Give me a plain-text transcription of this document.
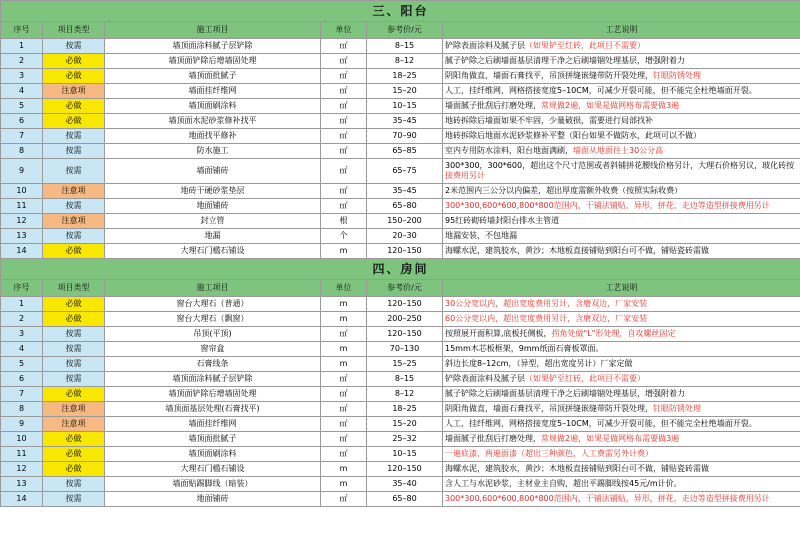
三、阳台					
序号	项目类型	施工项目	单位	参考价/元	工艺说明
1	按需	墙顶面涂料腻子层铲除	㎡	8–15	铲除表面涂料及腻子层（如果铲至红砖，此项目不需要）
2	必做	墙顶面铲除后增墙固处理	㎡	8–12	腻子铲除之后刷墙面基层清理干净之后刷墙锢处理基层，增强附着力
3	必做	墙顶面批腻子	㎡	18–25	阴阳角做直，墙面石膏找平，吊顶拼缝嵌缝带防开裂处理，钉眼防锈处理
4	注意项	墙面挂纤维网	㎡	15–20	人工，挂纤维网，网格搭接宽度5–10CM，可减少开裂可能，但不能完全杜绝墙面开裂。
5	必做	墙顶面刷涂料	㎡	10–15	墙面腻子批刮后打磨处理，常规做2遍，如果是做网格布需要做3遍
6	必做	墙顶面水泥砂浆修补找平	㎡	35–45	地砖拆除后墙面如果不牢固，少量破损，需要进行局部找补
7	按需	地面找平修补	㎡	70–90	地砖拆除后地面水泥砂浆修补平整（阳台如果不做防水，此项可以不做）
8	按需	防水施工	㎡	65–85	室内专用防水涂料，阳台地面满刷，墙面从地面往上30公分高
9	按需	墙面铺砖	㎡	65–75	300*300，300*600，超出这个尺寸范围或者斜铺拼花腰线价格另计，大理石价格另议，玻化砖按接费用另计
10	注意项	地砖干硬砂浆垫层	㎡	35–45	2米范围内三公分以内偏差，超出厚度需额外收费（按照实际收费）
11	按需	地面铺砖	㎡	65–80	300*300,600*600,800*800范围内，干铺法铺贴，异形，拼花，走边等造型拼接费用另计
12	注意项	封立管	根	150–200	95红砖砌砖墙封阳台排水主管道
13	按需	地漏	个	20–30	地漏安装，不包地漏
14	必做	大理石门槛石铺设	m	120–150	海螺水泥，建筑胶水，黄沙；木地板直接铺贴到阳台可不做，铺贴瓷砖需做
四、房间					
序号	项目类型	施工项目	单位	参考价/元	工艺说明
1	必做	窗台大理石（普通）	m	120–150	30公分宽以内，超出宽度费用另计，含磨双边，厂家安装
2	必做	窗台大理石（飘窗）	m	200–250	60公分宽以内，超出宽度费用另计，含磨双边，厂家安装
3	按需	吊顶(平顶)	㎡	120–150	按照展开面积算,底板托侧板，拐角处做"L"形处理，自攻螺丝固定
4	按需	窗帘盒	m	70–130	15mm木芯板框架，9mm纸面石膏板罩面。
5	按需	石膏线条	m	15–25	斜边长度8–12cm，（异型，超出宽度另计）厂家定做
6	按需	墙顶面涂料腻子层铲除	㎡	8–15	铲除表面涂料及腻子层（如果铲至红砖，此项目不需要）
7	必做	墙顶面铲除后增墙固处理	㎡	8–12	腻子铲除之后刷墙面基层清理干净之后刷墙锢处理基层，增强附着力
8	注意项	墙顶面基层处理(石膏找平)	㎡	18–25	阴阳角做直，墙面石膏找平，吊顶拼缝嵌缝带防开裂处理，钉眼防锈处理
9	注意项	墙面挂纤维网	㎡	15–20	人工，挂纤维网，网格搭接宽度5–10CM，可减少开裂可能，但不能完全杜绝墙面开裂。
10	必做	墙顶面批腻子	㎡	25–32	墙面腻子批刮后打磨处理，常规做2遍，如果是做网格布需要做3遍
11	必做	墙顶面刷涂料	㎡	10–15	一遍底漆，两遍面漆（超出三种颜色，人工费需另外计费）
12	必做	大理石门槛石铺设	m	120–150	海螺水泥，建筑胶水，黄沙；木地板直接铺贴到阳台可不做，铺贴瓷砖需做
13	按需	墙面贴踢脚线（暗装）	m	35–40	含人工与水泥砂浆，主材业主自购，超出平踢脚线按45元/m计价。
14	按需	地面铺砖	㎡	65–80	300*300,600*600,800*800范围内，干铺法铺贴，异形，拼花，走边等造型拼接费用另计
